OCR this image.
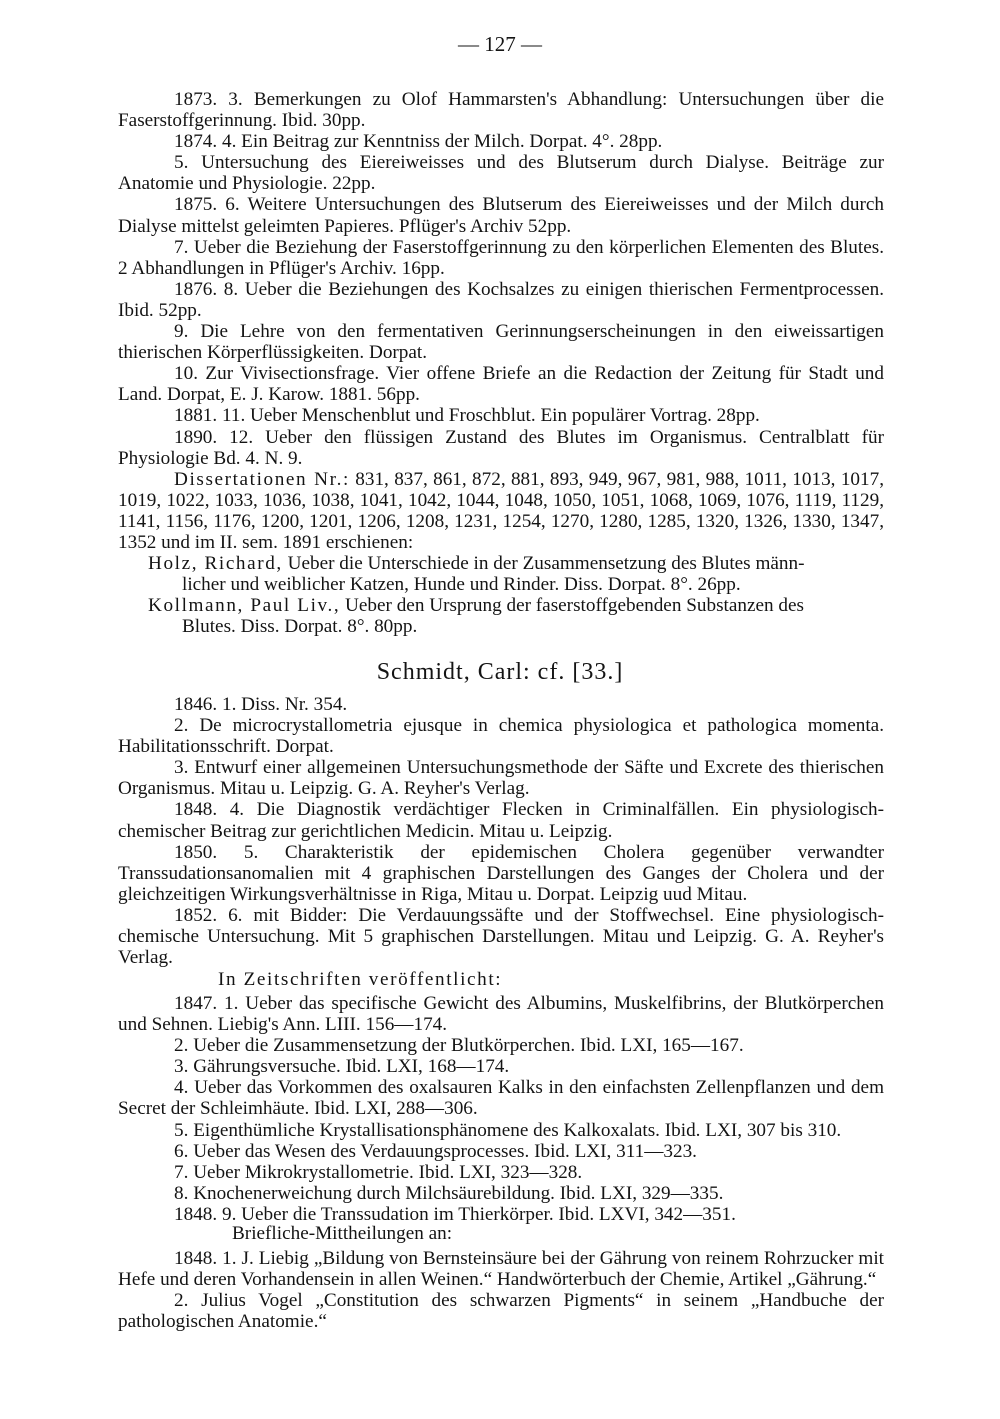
— 127 —

1873. 3. Bemerkungen zu Olof Hammarsten's Abhandlung: Untersuchungen über die Faserstoffgerinnung. Ibid. 30pp.

1874. 4. Ein Beitrag zur Kenntniss der Milch. Dorpat. 4°. 28pp.

5. Untersuchung des Eiereiweisses und des Blutserum durch Dialyse. Beiträge zur Anatomie und Physiologie. 22pp.

1875. 6. Weitere Untersuchungen des Blutserum des Eiereiweisses und der Milch durch Dialyse mittelst geleimten Papieres. Pflüger's Archiv 52pp.

7. Ueber die Beziehung der Faserstoffgerinnung zu den körperlichen Elementen des Blutes. 2 Abhandlungen in Pflüger's Archiv. 16pp.

1876. 8. Ueber die Beziehungen des Kochsalzes zu einigen thierischen Fermentprocessen. Ibid. 52pp.

9. Die Lehre von den fermentativen Gerinnungserscheinungen in den eiweissartigen thierischen Körperflüssigkeiten. Dorpat.

10. Zur Vivisectionsfrage. Vier offene Briefe an die Redaction der Zeitung für Stadt und Land. Dorpat, E. J. Karow. 1881. 56pp.

1881. 11. Ueber Menschenblut und Froschblut. Ein populärer Vortrag. 28pp.

1890. 12. Ueber den flüssigen Zustand des Blutes im Organismus. Centralblatt für Physiologie Bd. 4. N. 9.

Dissertationen Nr.: 831, 837, 861, 872, 881, 893, 949, 967, 981, 988, 1011, 1013, 1017, 1019, 1022, 1033, 1036, 1038, 1041, 1042, 1044, 1048, 1050, 1051, 1068, 1069, 1076, 1119, 1129, 1141, 1156, 1176, 1200, 1201, 1206, 1208, 1231, 1254, 1270, 1280, 1285, 1320, 1326, 1330, 1347, 1352 und im II. sem. 1891 erschienen:

Holz, Richard, Ueber die Unterschiede in der Zusammensetzung des Blutes männ-
licher und weiblicher Katzen, Hunde und Rinder. Diss. Dorpat. 8°. 26pp.

Kollmann, Paul Liv., Ueber den Ursprung der faserstoffgebenden Substanzen des
Blutes. Diss. Dorpat. 8°. 80pp.

Schmidt, Carl: cf. [33.]

1846. 1. Diss. Nr. 354.

2. De microcrystallometria ejusque in chemica physiologica et pathologica momenta. Habilitationsschrift. Dorpat.

3. Entwurf einer allgemeinen Untersuchungsmethode der Säfte und Excrete des thierischen Organismus. Mitau u. Leipzig. G. A. Reyher's Verlag.

1848. 4. Die Diagnostik verdächtiger Flecken in Criminalfällen. Ein physiologisch-chemischer Beitrag zur gerichtlichen Medicin. Mitau u. Leipzig.

1850. 5. Charakteristik der epidemischen Cholera gegenüber verwandter Transsudationsanomalien mit 4 graphischen Darstellungen des Ganges der Cholera und der gleichzeitigen Wirkungsverhältnisse in Riga, Mitau u. Dorpat. Leipzig uud Mitau.

1852. 6. mit Bidder: Die Verdauungssäfte und der Stoffwechsel. Eine physiologisch-chemische Untersuchung. Mit 5 graphischen Darstellungen. Mitau und Leipzig. G. A. Reyher's Verlag.

In Zeitschriften veröffentlicht:

1847. 1. Ueber das specifische Gewicht des Albumins, Muskelfibrins, der Blutkörperchen und Sehnen. Liebig's Ann. LIII. 156—174.

2. Ueber die Zusammensetzung der Blutkörperchen. Ibid. LXI, 165—167.

3. Gährungsversuche. Ibid. LXI, 168—174.

4. Ueber das Vorkommen des oxalsauren Kalks in den einfachsten Zellenpflanzen und dem Secret der Schleimhäute. Ibid. LXI, 288—306.

5. Eigenthümliche Krystallisationsphänomene des Kalkoxalats. Ibid. LXI, 307 bis 310.

6. Ueber das Wesen des Verdauungsprocesses. Ibid. LXI, 311—323.

7. Ueber Mikrokrystallometrie. Ibid. LXI, 323—328.

8. Knochenerweichung durch Milchsäurebildung. Ibid. LXI, 329—335.

1848. 9. Ueber die Transsudation im Thierkörper. Ibid. LXVI, 342—351.

Briefliche-Mittheilungen an:

1848. 1. J. Liebig „Bildung von Bernsteinsäure bei der Gährung von reinem Rohrzucker mit Hefe und deren Vorhandensein in allen Weinen.“ Handwörterbuch der Chemie, Artikel „Gährung.“

2. Julius Vogel „Constitution des schwarzen Pigments“ in seinem „Handbuche der pathologischen Anatomie.“
